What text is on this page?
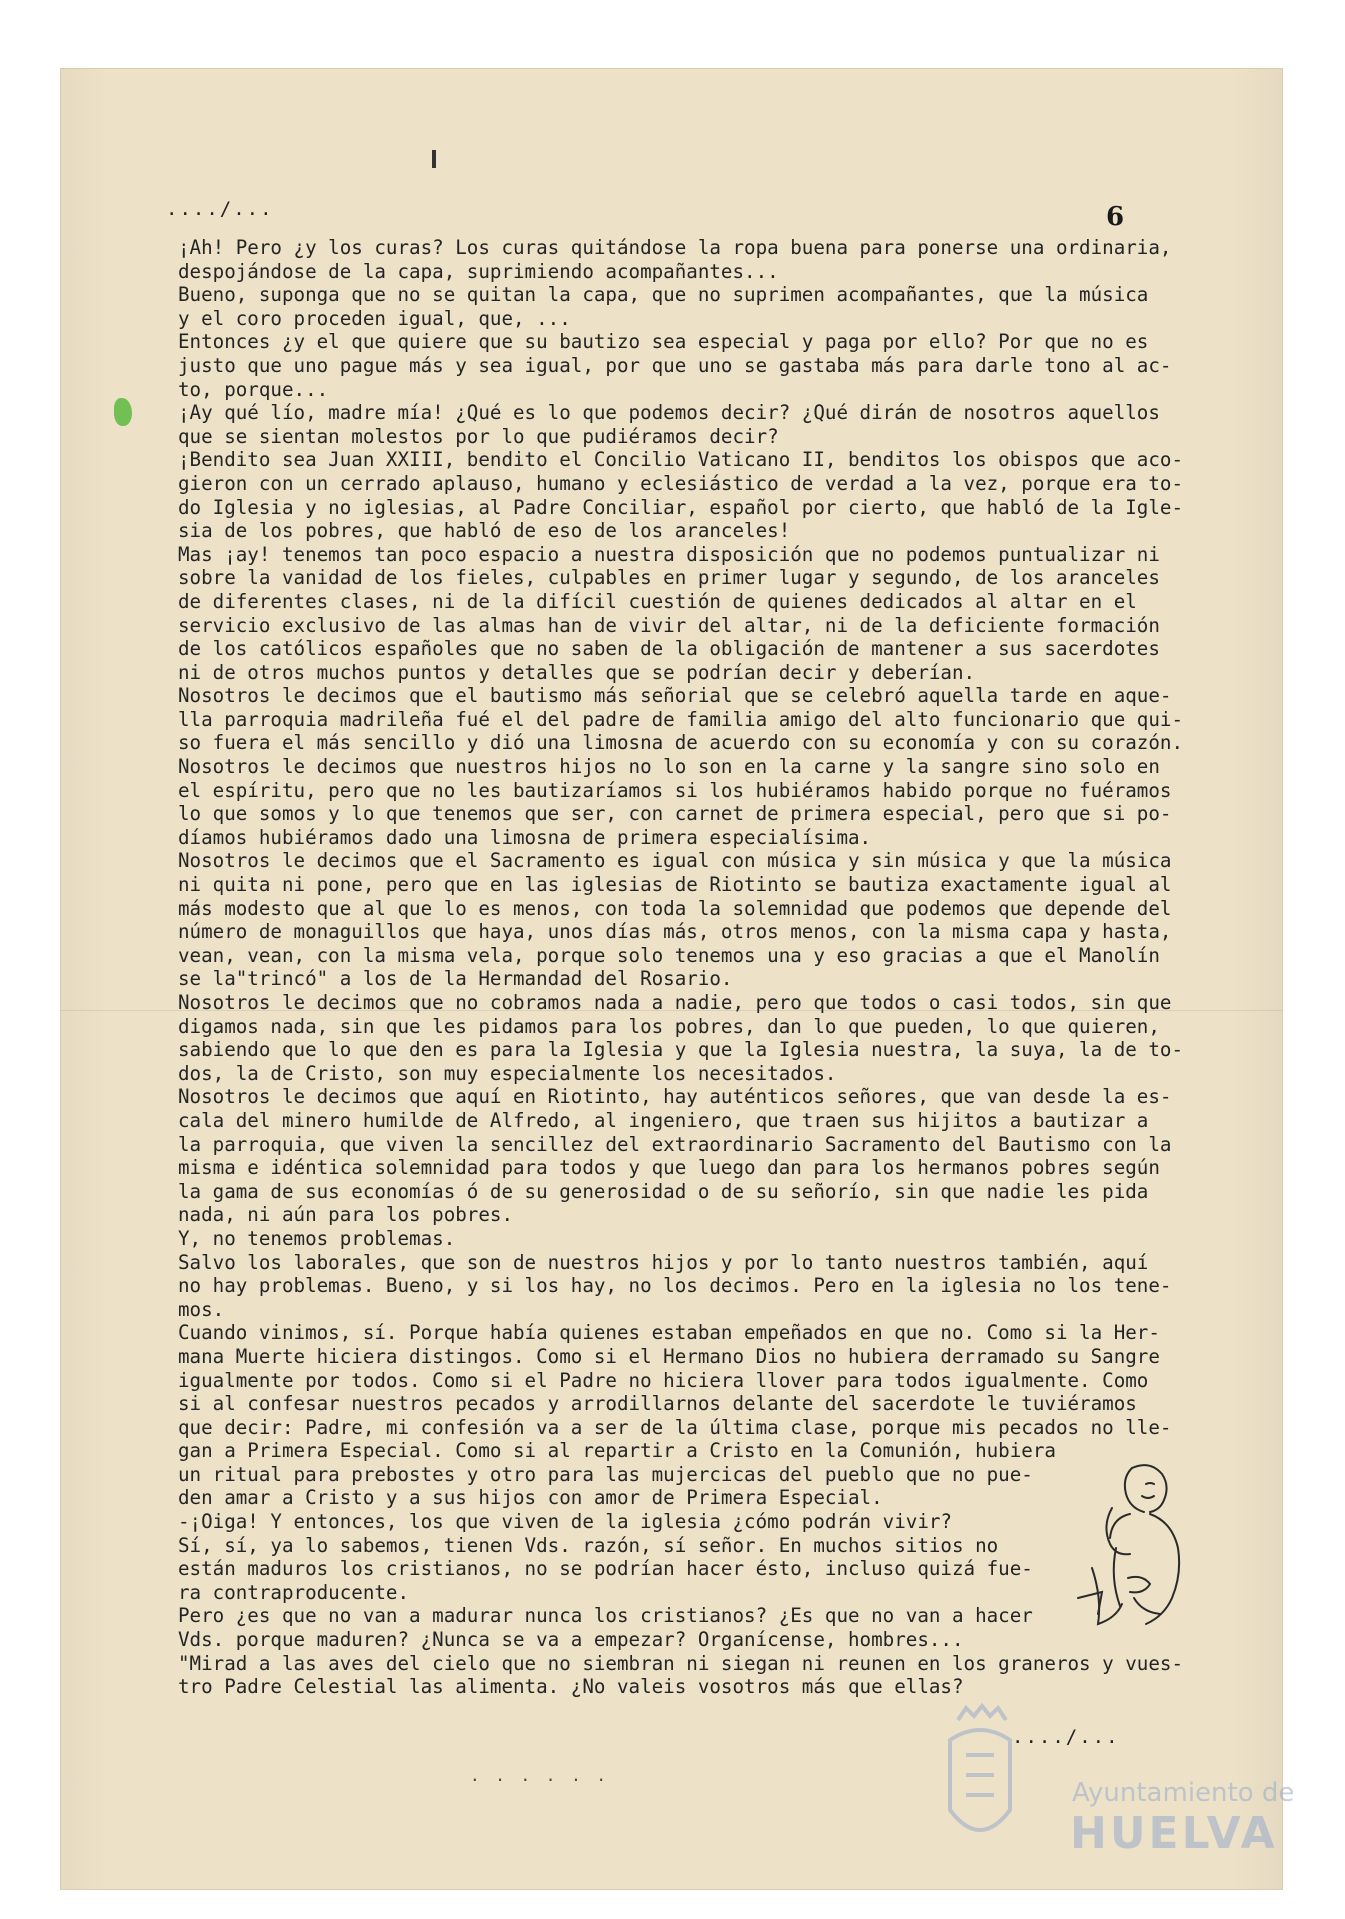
..../...	6
¡Ah! Pero ¿y los curas? Los curas quitándose la ropa buena para ponerse una ordinaria,
despojándose de la capa, suprimiendo acompañantes...
Bueno, suponga que no se quitan la capa, que no suprimen acompañantes, que la música
y el coro proceden igual, que, ...
Entonces ¿y el que quiere que su bautizo sea especial y paga por ello? Por que no es
justo que uno pague más y sea igual, por que uno se gastaba más para darle tono al ac-
to, porque...
¡Ay qué lío, madre mía! ¿Qué es lo que podemos decir? ¿Qué dirán de nosotros aquellos
que se sientan molestos por lo que pudiéramos decir?
¡Bendito sea Juan XXIII, bendito el Concilio Vaticano II, benditos los obispos que aco-
gieron con un cerrado aplauso, humano y eclesiástico de verdad a la vez, porque era to-
do Iglesia y no iglesias, al Padre Conciliar, español por cierto, que habló de la Igle-
sia de los pobres, que habló de eso de los aranceles!
Mas ¡ay! tenemos tan poco espacio a nuestra disposición que no podemos puntualizar ni
sobre la vanidad de los fieles, culpables en primer lugar y segundo, de los aranceles
de diferentes clases, ni de la difícil cuestión de quienes dedicados al altar en el
servicio exclusivo de las almas han de vivir del altar, ni de la deficiente formación
de los católicos españoles que no saben de la obligación de mantener a sus sacerdotes
ni de otros muchos puntos y detalles que se podrían decir y deberían.
Nosotros le decimos que el bautismo más señorial que se celebró aquella tarde en aque-
lla parroquia madrileña fué el del padre de familia amigo del alto funcionario que qui-
so fuera el más sencillo y dió una limosna de acuerdo con su economía y con su corazón.
Nosotros le decimos que nuestros hijos no lo son en la carne y la sangre sino solo en
el espíritu, pero que no les bautizaríamos si los hubiéramos habido porque no fuéramos
lo que somos y lo que tenemos que ser, con carnet de primera especial, pero que si po-
díamos hubiéramos dado una limosna de primera especialísima.
Nosotros le decimos que el Sacramento es igual con música y sin música y que la música
ni quita ni pone, pero que en las iglesias de Riotinto se bautiza exactamente igual al
más modesto que al que lo es menos, con toda la solemnidad que podemos que depende del
número de monaguillos que haya, unos días más, otros menos, con la misma capa y hasta,
vean, vean, con la misma vela, porque solo tenemos una y eso gracias a que el Manolín
se la"trincó" a los de la Hermandad del Rosario.
Nosotros le decimos que no cobramos nada a nadie, pero que todos o casi todos, sin que
digamos nada, sin que les pidamos para los pobres, dan lo que pueden, lo que quieren,
sabiendo que lo que den es para la Iglesia y que la Iglesia nuestra, la suya, la de to-
dos, la de Cristo, son muy especialmente los necesitados.
Nosotros le decimos que aquí en Riotinto, hay auténticos señores, que van desde la es-
cala del minero humilde de Alfredo, al ingeniero, que traen sus hijitos a bautizar a
la parroquia, que viven la sencillez del extraordinario Sacramento del Bautismo con la
misma e idéntica solemnidad para todos y que luego dan para los hermanos pobres según
la gama de sus economías ó de su generosidad o de su señorío, sin que nadie les pida
nada, ni aún para los pobres.
Y, no tenemos problemas.
Salvo los laborales, que son de nuestros hijos y por lo tanto nuestros también, aquí
no hay problemas. Bueno, y si los hay, no los decimos. Pero en la iglesia no los tene-
mos.
Cuando vinimos, sí. Porque había quienes estaban empeñados en que no. Como si la Her-
mana Muerte hiciera distingos. Como si el Hermano Dios no hubiera derramado su Sangre
igualmente por todos. Como si el Padre no hiciera llover para todos igualmente. Como
si al confesar nuestros pecados y arrodillarnos delante del sacerdote le tuviéramos
que decir: Padre, mi confesión va a ser de la última clase, porque mis pecados no lle-
gan a Primera Especial. Como si al repartir a Cristo en la Comunión, hubiera
un ritual para prebostes y otro para las mujercicas del pueblo que no pue-
den amar a Cristo y a sus hijos con amor de Primera Especial.
-¡Oiga! Y entonces, los que viven de la iglesia ¿cómo podrán vivir?
Sí, sí, ya lo sabemos, tienen Vds. razón, sí señor. En muchos sitios no
están maduros los cristianos, no se podrían hacer ésto, incluso quizá fue-
ra contraproducente.
Pero ¿es que no van a madurar nunca los cristianos? ¿Es que no van a hacer
Vds. porque maduren? ¿Nunca se va a empezar? Organícense, hombres...
"Mirad a las aves del cielo que no siembran ni siegan ni reunen en los graneros y vues-
tro Padre Celestial las alimenta. ¿No valeis vosotros más que ellas?
..../...
. . . . . .
Ayuntamiento de
HUELVA
